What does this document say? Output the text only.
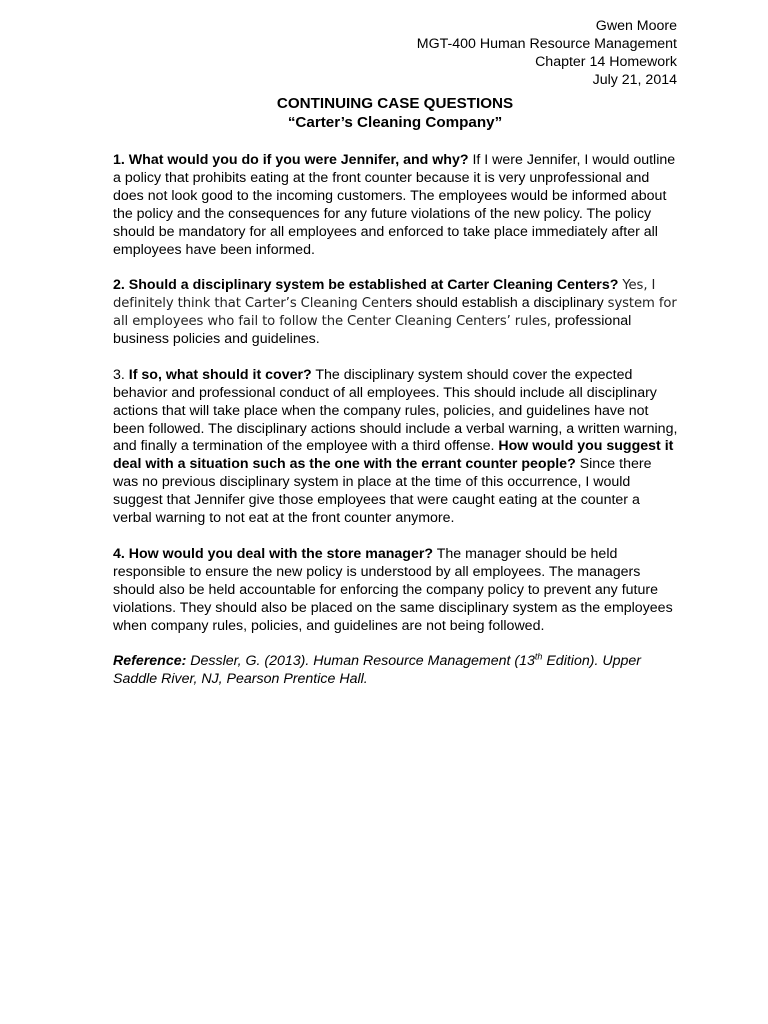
Gwen Moore
MGT-400 Human Resource Management
Chapter 14 Homework
July 21, 2014
CONTINUING CASE QUESTIONS
“Carter’s Cleaning Company”

1. What would you do if you were Jennifer, and why? If I were Jennifer, I would outline a policy that prohibits eating at the front counter because it is very unprofessional and does not look good to the incoming customers. The employees would be informed about the policy and the consequences for any future violations of the new policy. The policy should be mandatory for all employees and enforced to take place immediately after all employees have been informed.

2. Should a disciplinary system be established at Carter Cleaning Centers? Yes, I definitely think that Carter’s Cleaning Centers should establish a disciplinary system for all employees who fail to follow the Center Cleaning Centers’ rules, professional business policies and guidelines.

3. If so, what should it cover? The disciplinary system should cover the expected behavior and professional conduct of all employees. This should include all disciplinary actions that will take place when the company rules, policies, and guidelines have not been followed. The disciplinary actions should include a verbal warning, a written warning, and finally a termination of the employee with a third offense. How would you suggest it deal with a situation such as the one with the errant counter people? Since there was no previous disciplinary system in place at the time of this occurrence, I would suggest that Jennifer give those employees that were caught eating at the counter a verbal warning to not eat at the front counter anymore.

4. How would you deal with the store manager? The manager should be held responsible to ensure the new policy is understood by all employees. The managers should also be held accountable for enforcing the company policy to prevent any future violations. They should also be placed on the same disciplinary system as the employees when company rules, policies, and guidelines are not being followed.

Reference: Dessler, G. (2013). Human Resource Management (13th Edition). Upper Saddle River, NJ, Pearson Prentice Hall.
